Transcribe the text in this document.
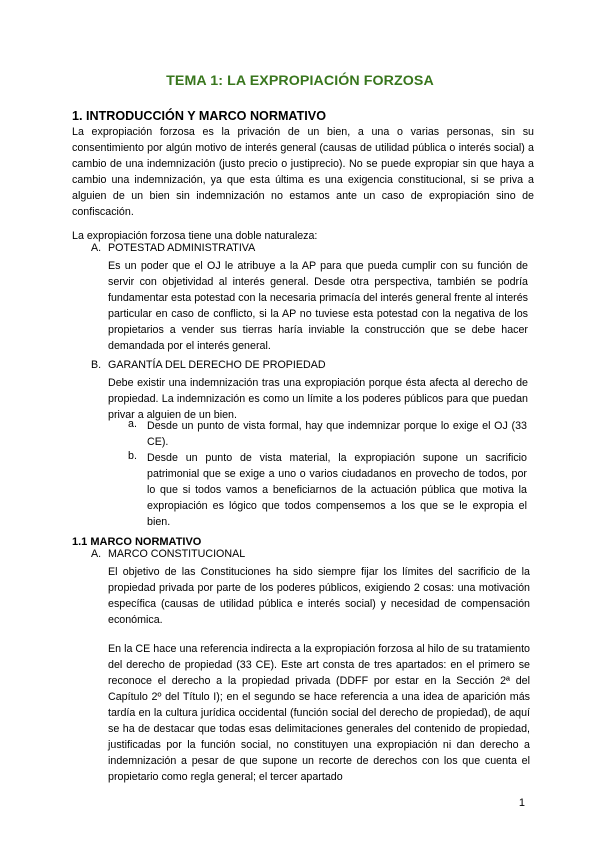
TEMA 1: LA EXPROPIACIÓN FORZOSA
1. INTRODUCCIÓN Y MARCO NORMATIVO
La expropiación forzosa es la privación de un bien, a una o varias personas, sin su consentimiento por algún motivo de interés general (causas de utilidad pública o interés social) a cambio de una indemnización (justo precio o justiprecio). No se puede expropiar sin que haya a cambio una indemnización, ya que esta última es una exigencia constitucional, si se priva a alguien de un bien sin indemnización no estamos ante un caso de expropiación sino de confiscación.
La expropiación forzosa tiene una doble naturaleza:
A. POTESTAD ADMINISTRATIVA
Es un poder que el OJ le atribuye a la AP para que pueda cumplir con su función de servir con objetividad al interés general. Desde otra perspectiva, también se podría fundamentar esta potestad con la necesaria primacía del interés general frente al interés particular en caso de conflicto, si la AP no tuviese esta potestad con la negativa de los propietarios a vender sus tierras haría inviable la construcción que se debe hacer demandada por el interés general.
B. GARANTÍA DEL DERECHO DE PROPIEDAD
Debe existir una indemnización tras una expropiación porque ésta afecta al derecho de propiedad. La indemnización es como un límite a los poderes públicos para que puedan privar a alguien de un bien.
a. Desde un punto de vista formal, hay que indemnizar porque lo exige el OJ (33 CE).
b. Desde un punto de vista material, la expropiación supone un sacrificio patrimonial que se exige a uno o varios ciudadanos en provecho de todos, por lo que si todos vamos a beneficiarnos de la actuación pública que motiva la expropiación es lógico que todos compensemos a los que se le expropia el bien.
1.1 MARCO NORMATIVO
A. MARCO CONSTITUCIONAL
El objetivo de las Constituciones ha sido siempre fijar los límites del sacrificio de la propiedad privada por parte de los poderes públicos, exigiendo 2 cosas: una motivación específica (causas de utilidad pública e interés social) y necesidad de compensación económica.
En la CE hace una referencia indirecta a la expropiación forzosa al hilo de su tratamiento del derecho de propiedad (33 CE). Este art consta de tres apartados: en el primero se reconoce el derecho a la propiedad privada (DDFF por estar en la Sección 2ª del Capítulo 2º del Título I); en el segundo se hace referencia a una idea de aparición más tardía en la cultura jurídica occidental (función social del derecho de propiedad), de aquí se ha de destacar que todas esas delimitaciones generales del contenido de propiedad, justificadas por la función social, no constituyen una expropiación ni dan derecho a indemnización a pesar de que supone un recorte de derechos con los que cuenta el propietario como regla general; el tercer apartado
1
